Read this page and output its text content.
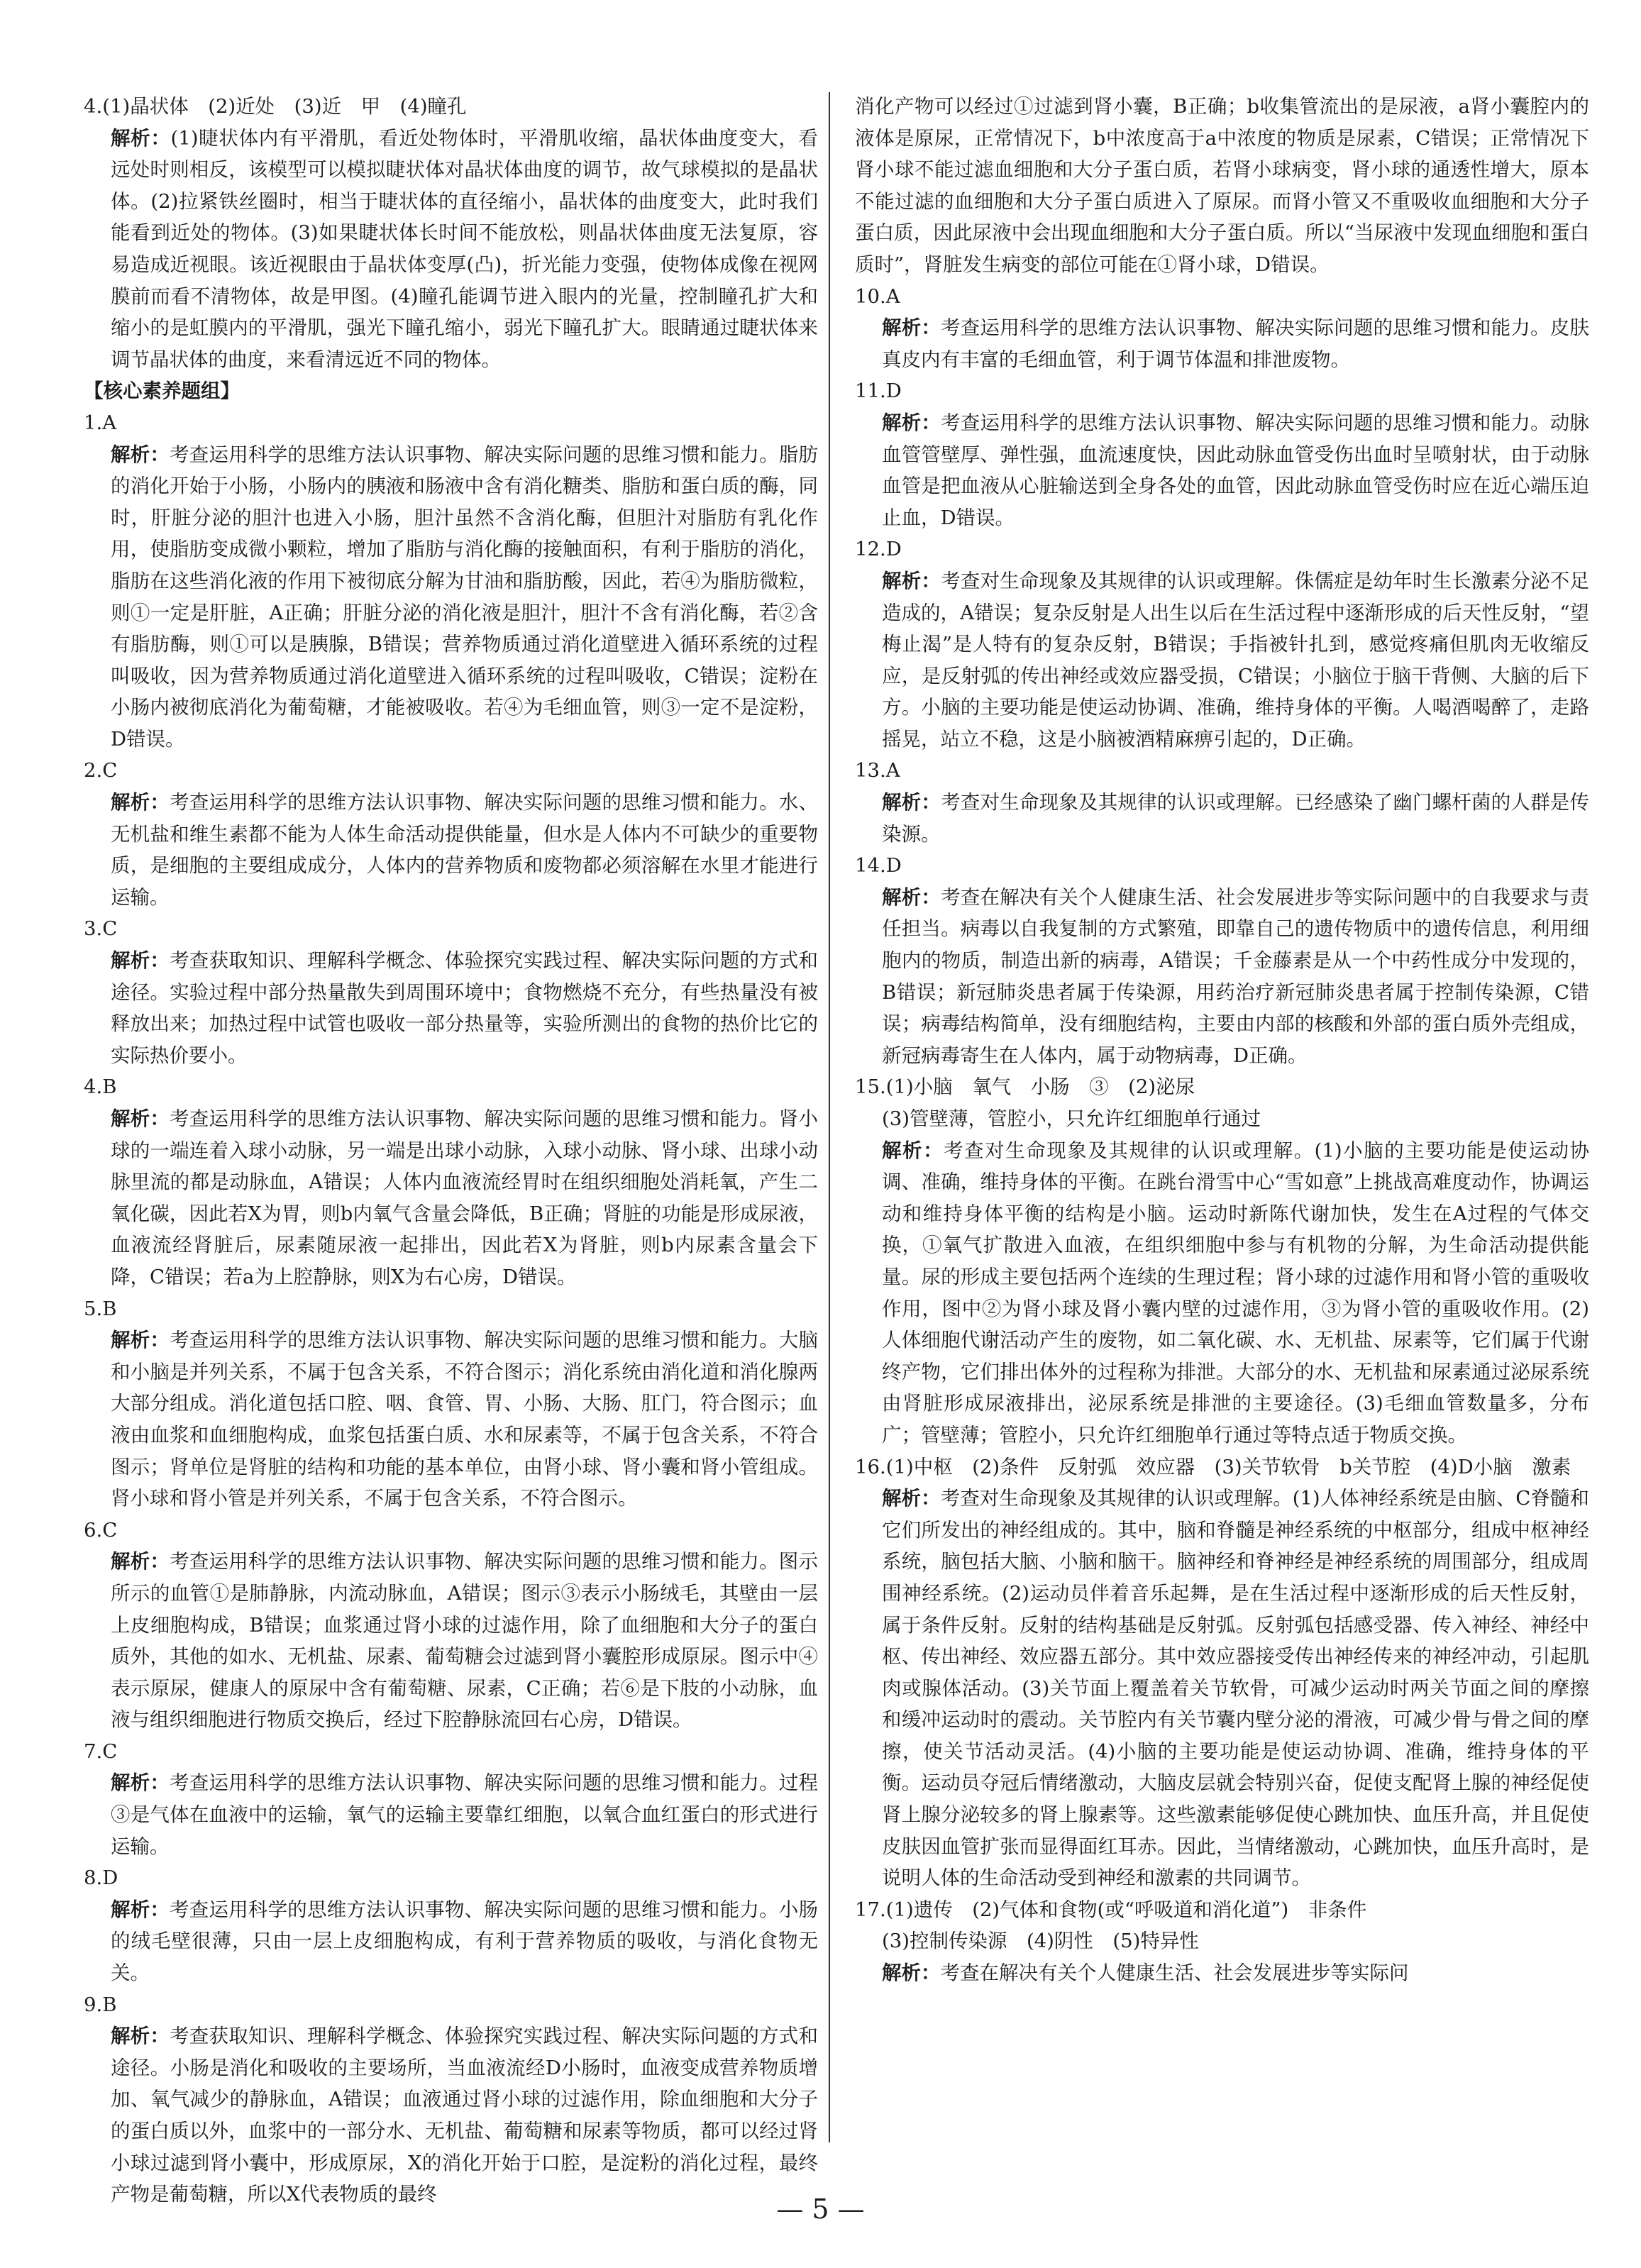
4.(1)晶状体　(2)近处　(3)近　甲　(4)瞳孔
解析：(1)睫状体内有平滑肌，看近处物体时，平滑肌收缩，晶状体曲度变大，看远处时则相反，该模型可以模拟睫状体对晶状体曲度的调节，故气球模拟的是晶状体。(2)拉紧铁丝圈时，相当于睫状体的直径缩小，晶状体的曲度变大，此时我们能看到近处的物体。(3)如果睫状体长时间不能放松，则晶状体曲度无法复原，容易造成近视眼。该近视眼由于晶状体变厚(凸)，折光能力变强，使物体成像在视网膜前而看不清物体，故是甲图。(4)瞳孔能调节进入眼内的光量，控制瞳孔扩大和缩小的是虹膜内的平滑肌，强光下瞳孔缩小，弱光下瞳孔扩大。眼睛通过睫状体来调节晶状体的曲度，来看清远近不同的物体。
【核心素养题组】
1.A
解析：考查运用科学的思维方法认识事物、解决实际问题的思维习惯和能力。脂肪的消化开始于小肠，小肠内的胰液和肠液中含有消化糖类、脂肪和蛋白质的酶，同时，肝脏分泌的胆汁也进入小肠，胆汁虽然不含消化酶，但胆汁对脂肪有乳化作用，使脂肪变成微小颗粒，增加了脂肪与消化酶的接触面积，有利于脂肪的消化，脂肪在这些消化液的作用下被彻底分解为甘油和脂肪酸，因此，若④为脂肪微粒，则①一定是肝脏，A正确；肝脏分泌的消化液是胆汁，胆汁不含有消化酶，若②含有脂肪酶，则①可以是胰腺，B错误；营养物质通过消化道壁进入循环系统的过程叫吸收，因为营养物质通过消化道壁进入循环系统的过程叫吸收，C错误；淀粉在小肠内被彻底消化为葡萄糖，才能被吸收。若④为毛细血管，则③一定不是淀粉，D错误。
2.C
解析：考查运用科学的思维方法认识事物、解决实际问题的思维习惯和能力。水、无机盐和维生素都不能为人体生命活动提供能量，但水是人体内不可缺少的重要物质，是细胞的主要组成成分，人体内的营养物质和废物都必须溶解在水里才能进行运输。
3.C
解析：考查获取知识、理解科学概念、体验探究实践过程、解决实际问题的方式和途径。实验过程中部分热量散失到周围环境中；食物燃烧不充分，有些热量没有被释放出来；加热过程中试管也吸收一部分热量等，实验所测出的食物的热价比它的实际热价要小。
4.B
解析：考查运用科学的思维方法认识事物、解决实际问题的思维习惯和能力。肾小球的一端连着入球小动脉，另一端是出球小动脉，入球小动脉、肾小球、出球小动脉里流的都是动脉血，A错误；人体内血液流经胃时在组织细胞处消耗氧，产生二氧化碳，因此若X为胃，则b内氧气含量会降低，B正确；肾脏的功能是形成尿液，血液流经肾脏后，尿素随尿液一起排出，因此若X为肾脏，则b内尿素含量会下降，C错误；若a为上腔静脉，则X为右心房，D错误。
5.B
解析：考查运用科学的思维方法认识事物、解决实际问题的思维习惯和能力。大脑和小脑是并列关系，不属于包含关系，不符合图示；消化系统由消化道和消化腺两大部分组成。消化道包括口腔、咽、食管、胃、小肠、大肠、肛门，符合图示；血液由血浆和血细胞构成，血浆包括蛋白质、水和尿素等，不属于包含关系，不符合图示；肾单位是肾脏的结构和功能的基本单位，由肾小球、肾小囊和肾小管组成。肾小球和肾小管是并列关系，不属于包含关系，不符合图示。
6.C
解析：考查运用科学的思维方法认识事物、解决实际问题的思维习惯和能力。图示所示的血管①是肺静脉，内流动脉血，A错误；图示③表示小肠绒毛，其壁由一层上皮细胞构成，B错误；血浆通过肾小球的过滤作用，除了血细胞和大分子的蛋白质外，其他的如水、无机盐、尿素、葡萄糖会过滤到肾小囊腔形成原尿。图示中④表示原尿，健康人的原尿中含有葡萄糖、尿素，C正确；若⑥是下肢的小动脉，血液与组织细胞进行物质交换后，经过下腔静脉流回右心房，D错误。
7.C
解析：考查运用科学的思维方法认识事物、解决实际问题的思维习惯和能力。过程③是气体在血液中的运输，氧气的运输主要靠红细胞，以氧合血红蛋白的形式进行运输。
8.D
解析：考查运用科学的思维方法认识事物、解决实际问题的思维习惯和能力。小肠的绒毛壁很薄，只由一层上皮细胞构成，有利于营养物质的吸收，与消化食物无关。
9.B
解析：考查获取知识、理解科学概念、体验探究实践过程、解决实际问题的方式和途径。小肠是消化和吸收的主要场所，当血液流经D小肠时，血液变成营养物质增加、氧气减少的静脉血，A错误；血液通过肾小球的过滤作用，除血细胞和大分子的蛋白质以外，血浆中的一部分水、无机盐、葡萄糖和尿素等物质，都可以经过肾小球过滤到肾小囊中，形成原尿，X的消化开始于口腔，是淀粉的消化过程，最终产物是葡萄糖，所以X代表物质的最终
消化产物可以经过①过滤到肾小囊，B正确；b收集管流出的是尿液，a肾小囊腔内的液体是原尿，正常情况下，b中浓度高于a中浓度的物质是尿素，C错误；正常情况下肾小球不能过滤血细胞和大分子蛋白质，若肾小球病变，肾小球的通透性增大，原本不能过滤的血细胞和大分子蛋白质进入了原尿。而肾小管又不重吸收血细胞和大分子蛋白质，因此尿液中会出现血细胞和大分子蛋白质。所以“当尿液中发现血细胞和蛋白质时”，肾脏发生病变的部位可能在①肾小球，D错误。
10.A
解析：考查运用科学的思维方法认识事物、解决实际问题的思维习惯和能力。皮肤真皮内有丰富的毛细血管，利于调节体温和排泄废物。
11.D
解析：考查运用科学的思维方法认识事物、解决实际问题的思维习惯和能力。动脉血管管壁厚、弹性强，血流速度快，因此动脉血管受伤出血时呈喷射状，由于动脉血管是把血液从心脏输送到全身各处的血管，因此动脉血管受伤时应在近心端压迫止血，D错误。
12.D
解析：考查对生命现象及其规律的认识或理解。侏儒症是幼年时生长激素分泌不足造成的，A错误；复杂反射是人出生以后在生活过程中逐渐形成的后天性反射，“望梅止渴”是人特有的复杂反射，B错误；手指被针扎到，感觉疼痛但肌肉无收缩反应，是反射弧的传出神经或效应器受损，C错误；小脑位于脑干背侧、大脑的后下方。小脑的主要功能是使运动协调、准确，维持身体的平衡。人喝酒喝醉了，走路摇晃，站立不稳，这是小脑被酒精麻痹引起的，D正确。
13.A
解析：考查对生命现象及其规律的认识或理解。已经感染了幽门螺杆菌的人群是传染源。
14.D
解析：考查在解决有关个人健康生活、社会发展进步等实际问题中的自我要求与责任担当。病毒以自我复制的方式繁殖，即靠自己的遗传物质中的遗传信息，利用细胞内的物质，制造出新的病毒，A错误；千金藤素是从一个中药性成分中发现的，B错误；新冠肺炎患者属于传染源，用药治疗新冠肺炎患者属于控制传染源，C错误；病毒结构简单，没有细胞结构，主要由内部的核酸和外部的蛋白质外壳组成，新冠病毒寄生在人体内，属于动物病毒，D正确。
15.(1)小脑　氧气　小肠　③　(2)泌尿
(3)管壁薄，管腔小，只允许红细胞单行通过
解析：考查对生命现象及其规律的认识或理解。(1)小脑的主要功能是使运动协调、准确，维持身体的平衡。在跳台滑雪中心“雪如意”上挑战高难度动作，协调运动和维持身体平衡的结构是小脑。运动时新陈代谢加快，发生在A过程的气体交换，①氧气扩散进入血液，在组织细胞中参与有机物的分解，为生命活动提供能量。尿的形成主要包括两个连续的生理过程；肾小球的过滤作用和肾小管的重吸收作用，图中②为肾小球及肾小囊内壁的过滤作用，③为肾小管的重吸收作用。(2)人体细胞代谢活动产生的废物，如二氧化碳、水、无机盐、尿素等，它们属于代谢终产物，它们排出体外的过程称为排泄。大部分的水、无机盐和尿素通过泌尿系统由肾脏形成尿液排出，泌尿系统是排泄的主要途径。(3)毛细血管数量多，分布广；管壁薄；管腔小，只允许红细胞单行通过等特点适于物质交换。
16.(1)中枢　(2)条件　反射弧　效应器　(3)关节软骨　b关节腔　(4)D小脑　激素
解析：考查对生命现象及其规律的认识或理解。(1)人体神经系统是由脑、C脊髓和它们所发出的神经组成的。其中，脑和脊髓是神经系统的中枢部分，组成中枢神经系统，脑包括大脑、小脑和脑干。脑神经和脊神经是神经系统的周围部分，组成周围神经系统。(2)运动员伴着音乐起舞，是在生活过程中逐渐形成的后天性反射，属于条件反射。反射的结构基础是反射弧。反射弧包括感受器、传入神经、神经中枢、传出神经、效应器五部分。其中效应器接受传出神经传来的神经冲动，引起肌肉或腺体活动。(3)关节面上覆盖着关节软骨，可减少运动时两关节面之间的摩擦和缓冲运动时的震动。关节腔内有关节囊内壁分泌的滑液，可减少骨与骨之间的摩擦，使关节活动灵活。(4)小脑的主要功能是使运动协调、准确，维持身体的平衡。运动员夺冠后情绪激动，大脑皮层就会特别兴奋，促使支配肾上腺的神经促使肾上腺分泌较多的肾上腺素等。这些激素能够促使心跳加快、血压升高，并且促使皮肤因血管扩张而显得面红耳赤。因此，当情绪激动，心跳加快，血压升高时，是说明人体的生命活动受到神经和激素的共同调节。
17.(1)遗传　(2)气体和食物(或“呼吸道和消化道”)　非条件
(3)控制传染源　(4)阴性　(5)特异性
解析：考查在解决有关个人健康生活、社会发展进步等实际问
— 5 —
